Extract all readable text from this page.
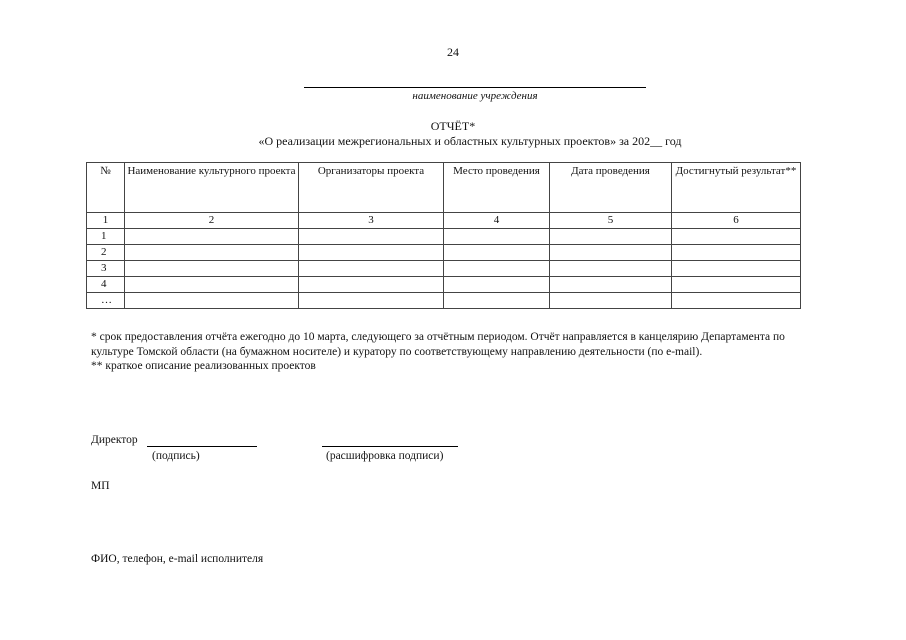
24
наименование учреждения
ОТЧЁТ*
«О реализации межрегиональных и областных культурных проектов» за 202__ год
№	Наименование культурного проекта	Организаторы проекта	Место проведения	Дата проведения	Достигнутый результат**
1	2	3	4	5	6
1					
2					
3					
4					
…					

* срок предоставления отчёта ежегодно до 10 марта, следующего за отчётным периодом. Отчёт направляется в канцелярию Департамента по культуре Томской области (на бумажном носителе) и куратору по соответствующему направлению деятельности (по e-mail).

** краткое описание реализованных проектов

Директор
(подпись)	(расшифровка подписи)
МП
ФИО, телефон, e-mail исполнителя
